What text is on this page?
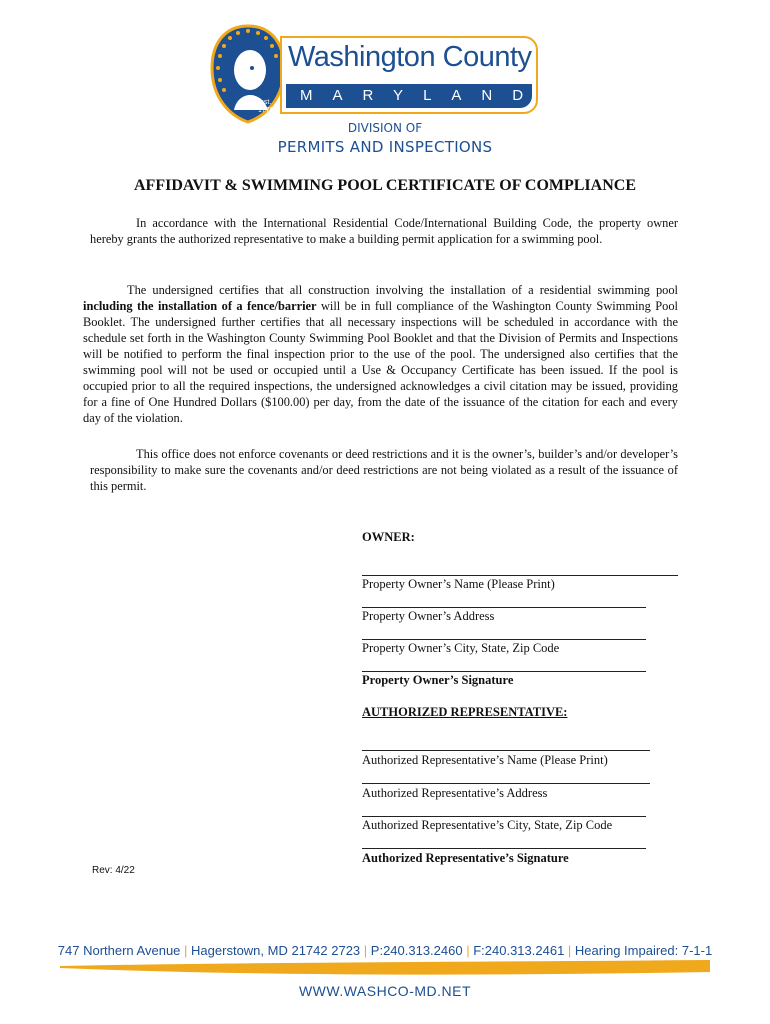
est.
1776
Washington County
MARYLAND
DIVISION OF
PERMITS AND INSPECTIONS
AFFIDAVIT & SWIMMING POOL CERTIFICATE OF COMPLIANCE
In accordance with the International Residential Code/International Building Code, the property owner hereby grants the authorized representative to make a building permit application for a swimming pool.
The undersigned certifies that all construction involving the installation of a residential swimming pool including the installation of a fence/barrier will be in full compliance of the Washington County Swimming Pool Booklet. The undersigned further certifies that all necessary inspections will be scheduled in accordance with the schedule set forth in the Washington County Swimming Pool Booklet and that the Division of Permits and Inspections will be notified to perform the final inspection prior to the use of the pool. The undersigned also certifies that the swimming pool will not be used or occupied until a Use & Occupancy Certificate has been issued. If the pool is occupied prior to all the required inspections, the undersigned acknowledges a civil citation may be issued, providing for a fine of One Hundred Dollars ($100.00) per day, from the date of the issuance of the citation for each and every day of the violation.
This office does not enforce covenants or deed restrictions and it is the owner’s, builder’s and/or developer’s responsibility to make sure the covenants and/or deed restrictions are not being violated as a result of the issuance of this permit.
OWNER:
Property Owner’s Name (Please Print)
Property Owner’s Address
Property Owner’s City, State, Zip Code
Property Owner’s Signature
AUTHORIZED REPRESENTATIVE:
Authorized Representative’s Name (Please Print)
Authorized Representative’s Address
Authorized Representative’s City, State, Zip Code
Authorized Representative’s Signature
Rev: 4/22
747 Northern Avenue | Hagerstown, MD 21742 2723 | P:240.313.2460 | F:240.313.2461 | Hearing Impaired: 7-1-1
WWW.WASHCO-MD.NET
